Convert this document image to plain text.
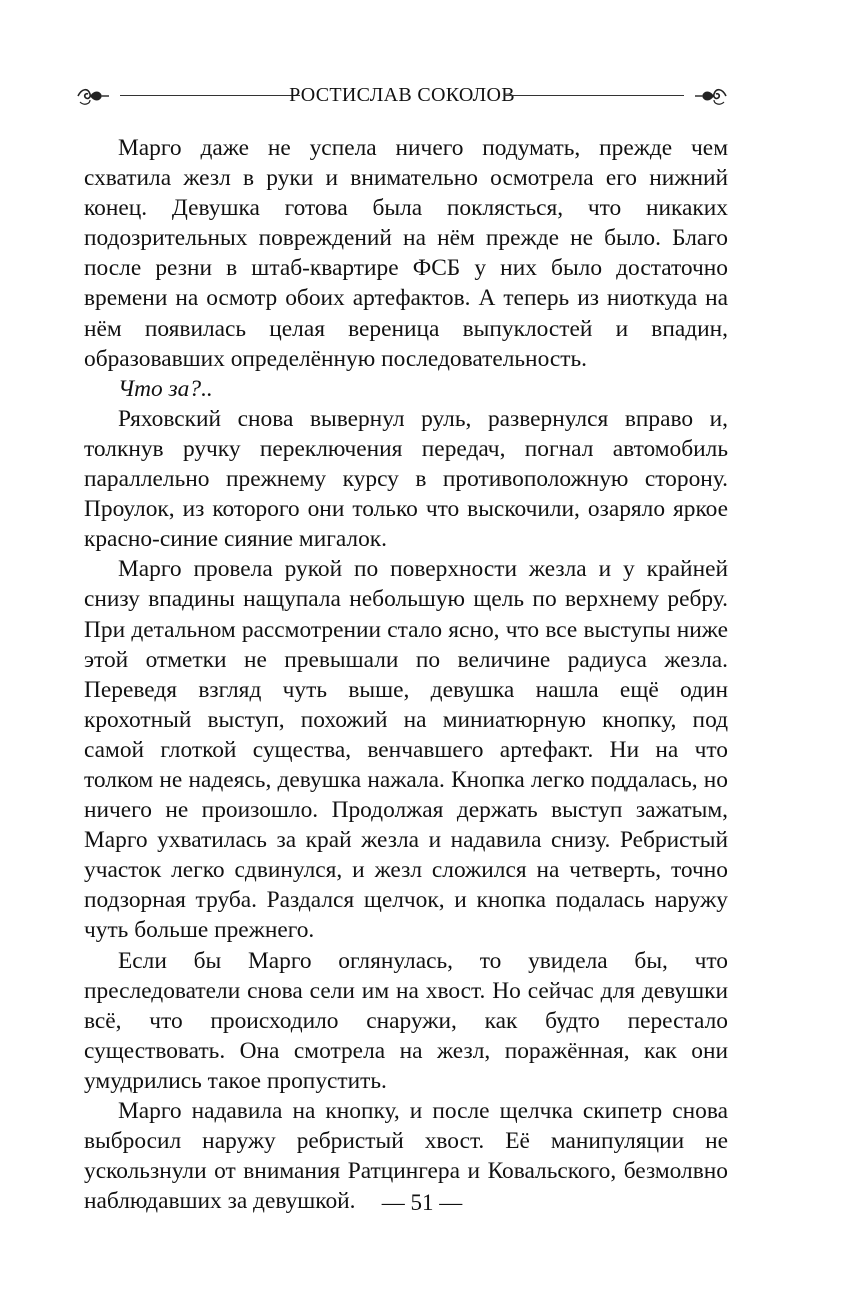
РОСТИСЛАВ СОКОЛОВ

Марго даже не успела ничего подумать, прежде чем схватила жезл в руки и внимательно осмотрела его нижний конец. Девушка готова была поклясться, что никаких подозрительных повреждений на нём прежде не было. Благо после резни в штаб-квартире ФСБ у них было достаточно времени на осмотр обоих артефактов. А теперь из ниоткуда на нём появилась целая вереница выпуклостей и впадин, образовавших определённую последовательность.

Что за?..

Ряховский снова вывернул руль, развернулся вправо и, толкнув ручку переключения передач, погнал автомобиль параллельно прежнему курсу в противоположную сторону. Проулок, из которого они только что выскочили, озаряло яркое красно-синие сияние мигалок.

Марго провела рукой по поверхности жезла и у крайней снизу впадины нащупала небольшую щель по верхнему ребру. При детальном рассмотрении стало ясно, что все выступы ниже этой отметки не превышали по величине радиуса жезла. Переведя взгляд чуть выше, девушка нашла ещё один крохотный выступ, похожий на миниатюрную кнопку, под самой глоткой существа, венчавшего артефакт. Ни на что толком не надеясь, девушка нажала. Кнопка легко поддалась, но ничего не произошло. Продолжая держать выступ зажатым, Марго ухватилась за край жезла и надавила снизу. Ребристый участок легко сдвинулся, и жезл сложился на четверть, точно подзорная труба. Раздался щелчок, и кнопка подалась наружу чуть больше прежнего.

Если бы Марго оглянулась, то увидела бы, что преследователи снова сели им на хвост. Но сейчас для девушки всё, что происходило снаружи, как будто перестало существовать. Она смотрела на жезл, поражённая, как они умудрились такое пропустить.

Марго надавила на кнопку, и после щелчка скипетр снова выбросил наружу ребристый хвост. Её манипуляции не ускользнули от внимания Ратцингера и Ковальского, безмолвно наблюдавших за девушкой.	— 51 —
